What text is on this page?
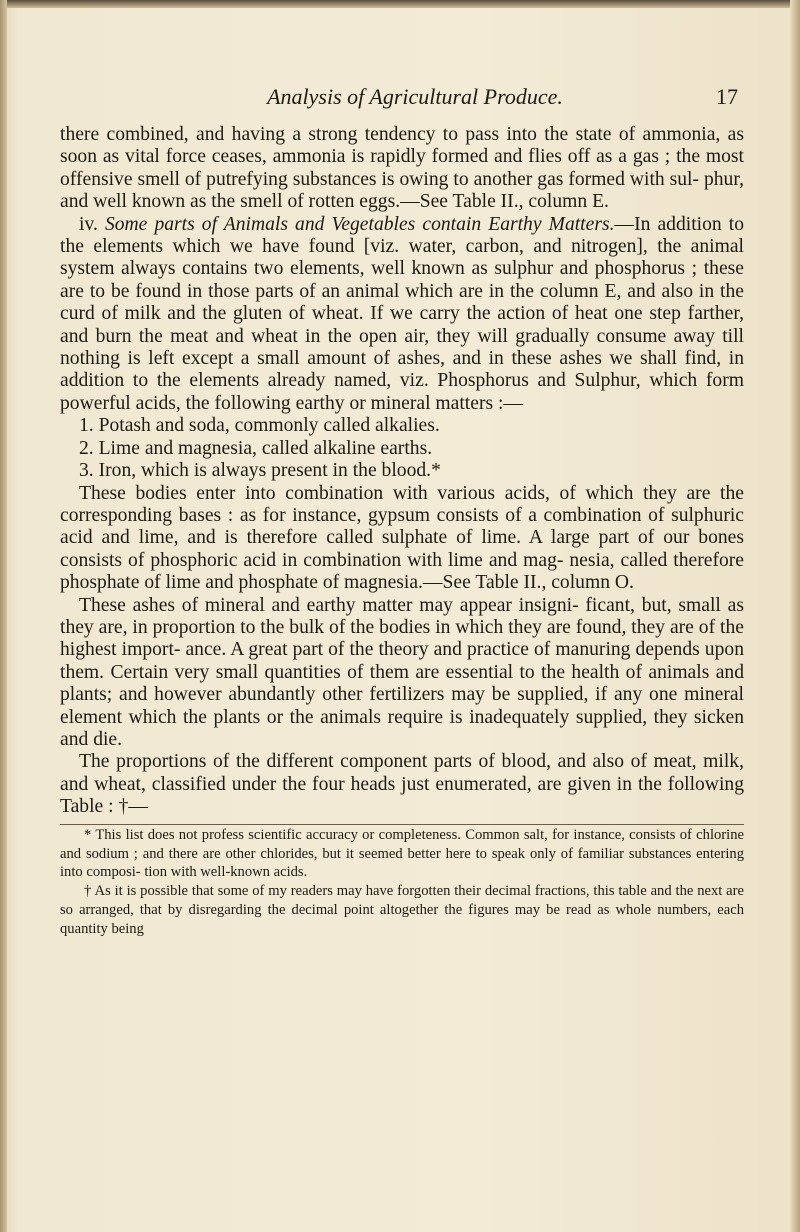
Analysis of Agricultural Produce.	17

there combined, and having a strong tendency to pass into the state of ammonia, as soon as vital force ceases, ammonia is rapidly formed and flies off as a gas ; the most offensive smell of putrefying substances is owing to another gas formed with sul- phur, and well known as the smell of rotten eggs.—See Table II., column E.

iv. Some parts of Animals and Vegetables contain Earthy Matters.—In addition to the elements which we have found [viz. water, carbon, and nitrogen], the animal system always contains two elements, well known as sulphur and phosphorus ; these are to be found in those parts of an animal which are in the column E, and also in the curd of milk and the gluten of wheat. If we carry the action of heat one step farther, and burn the meat and wheat in the open air, they will gradually consume away till nothing is left except a small amount of ashes, and in these ashes we shall find, in addition to the elements already named, viz. Phosphorus and Sulphur, which form powerful acids, the following earthy or mineral matters :—

1. Potash and soda, commonly called alkalies.

2. Lime and magnesia, called alkaline earths.

3. Iron, which is always present in the blood.*

These bodies enter into combination with various acids, of which they are the corresponding bases : as for instance, gypsum consists of a combination of sulphuric acid and lime, and is therefore called sulphate of lime. A large part of our bones consists of phosphoric acid in combination with lime and mag- nesia, called therefore phosphate of lime and phosphate of magnesia.—See Table II., column O.

These ashes of mineral and earthy matter may appear insigni- ficant, but, small as they are, in proportion to the bulk of the bodies in which they are found, they are of the highest import- ance. A great part of the theory and practice of manuring depends upon them. Certain very small quantities of them are essential to the health of animals and plants; and however abundantly other fertilizers may be supplied, if any one mineral element which the plants or the animals require is inadequately supplied, they sicken and die.

The proportions of the different component parts of blood, and also of meat, milk, and wheat, classified under the four heads just enumerated, are given in the following Table : †—

* This list does not profess scientific accuracy or completeness. Common salt, for instance, consists of chlorine and sodium ; and there are other chlorides, but it seemed better here to speak only of familiar substances entering into composi- tion with well-known acids.

† As it is possible that some of my readers may have forgotten their decimal fractions, this table and the next are so arranged, that by disregarding the decimal point altogether the figures may be read as whole numbers, each quantity being
